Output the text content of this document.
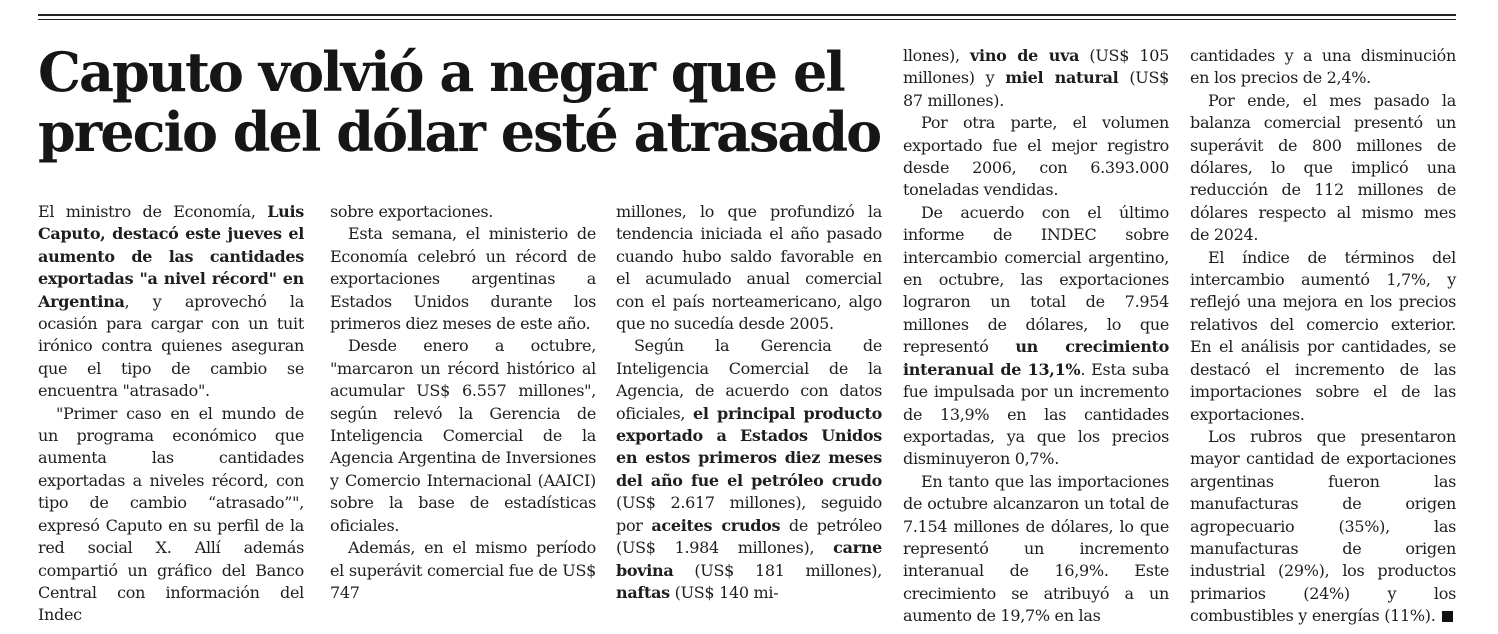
Caputo volvió a negar que el precio del dólar esté atrasado

El ministro de Economía, Luis Caputo, destacó este jueves el aumento de las cantidades exportadas "a nivel récord" en Argentina, y aprovechó la ocasión para cargar con un tuit irónico contra quienes aseguran que el tipo de cambio se encuentra "atrasado".

"Primer caso en el mundo de un programa económico que aumenta las cantidades exportadas a niveles récord, con tipo de cambio “atrasado”", expresó Caputo en su perfil de la red social X. Allí además compartió un gráfico del Banco Central con información del Indec

sobre exportaciones.

Esta semana, el ministerio de Economía celebró un récord de exportaciones argentinas a Estados Unidos durante los primeros diez meses de este año.

Desde enero a octubre, "marcaron un récord histórico al acumular US$ 6.557 millones", según relevó la Gerencia de Inteligencia Comercial de la Agencia Argentina de Inversiones y Comercio Internacional (AAICI) sobre la base de estadísticas oficiales.

Además, en el mismo período el superávit comercial fue de US$ 747

millones, lo que profundizó la tendencia iniciada el año pasado cuando hubo saldo favorable en el acumulado anual comercial con el país norteamericano, algo que no sucedía desde 2005.

Según la Gerencia de Inteligencia Comercial de la Agencia, de acuerdo con datos oficiales, el principal producto exportado a Estados Unidos en estos primeros diez meses del año fue el petróleo crudo (US$ 2.617 millones), seguido por aceites crudos de petróleo (US$ 1.984 millones), carne bovina (US$ 181 millones), naftas (US$ 140 mi-

llones), vino de uva (US$ 105 millones) y miel natural (US$ 87 millones).

Por otra parte, el volumen exportado fue el mejor registro desde 2006, con 6.393.000 toneladas vendidas.

De acuerdo con el último informe de INDEC sobre intercambio comercial argentino, en octubre, las exportaciones lograron un total de 7.954 millones de dólares, lo que representó un crecimiento interanual de 13,1%. Esta suba fue impulsada por un incremento de 13,9% en las cantidades exportadas, ya que los precios disminuyeron 0,7%.

En tanto que las importaciones de octubre alcanzaron un total de 7.154 millones de dólares, lo que representó un incremento interanual de 16,9%. Este crecimiento se atribuyó a un aumento de 19,7% en las

cantidades y a una disminución en los precios de 2,4%.

Por ende, el mes pasado la balanza comercial presentó un superávit de 800 millones de dólares, lo que implicó una reducción de 112 millones de dólares respecto al mismo mes de 2024.

El índice de términos del intercambio aumentó 1,7%, y reflejó una mejora en los precios relativos del comercio exterior. En el análisis por cantidades, se destacó el incremento de las importaciones sobre el de las exportaciones.

Los rubros que presentaron mayor cantidad de exportaciones argentinas fueron las manufacturas de origen agropecuario (35%), las manufacturas de origen industrial (29%), los productos primarios (24%) y los combustibles y energías (11%).
